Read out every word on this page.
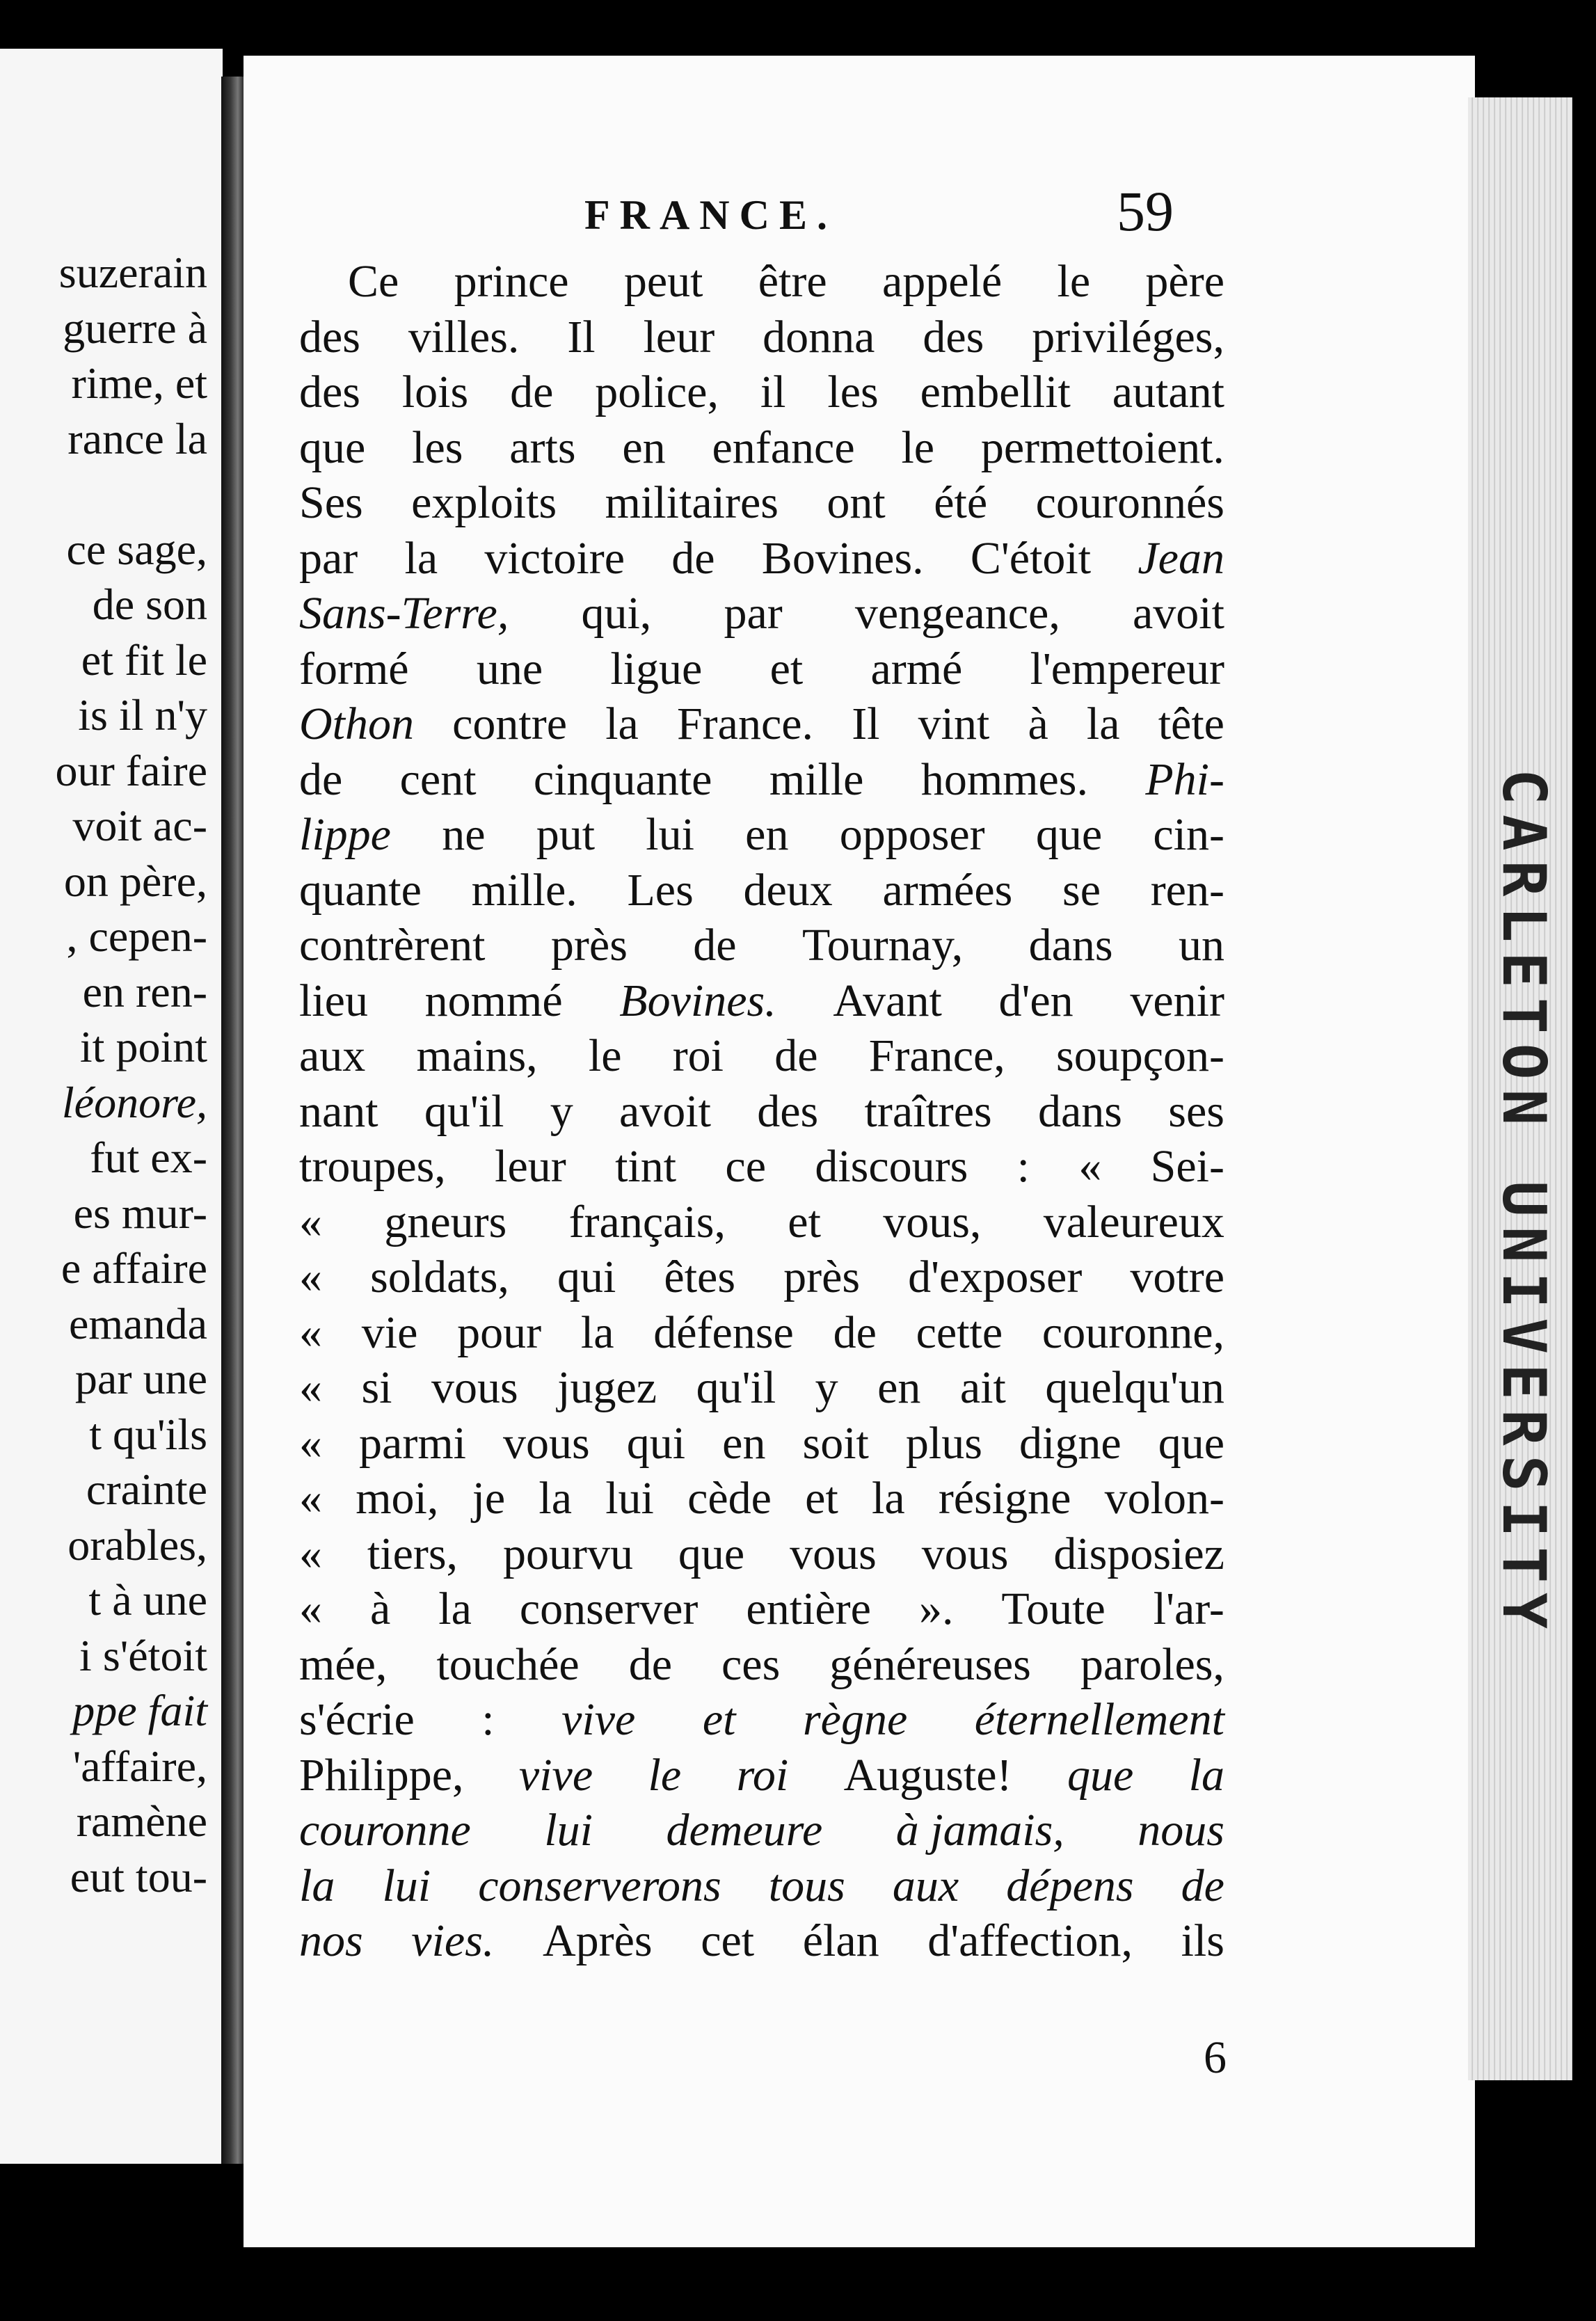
suzerain
guerre à
rime, et
rance la
ce sage,
de son
et fit le
is il n'y
our faire
voit ac-
on père,
, cepen-
en ren-
it point
léonore,
fut ex-
es mur-
e affaire
emanda
par une
t qu'ils
crainte
orables,
t à une
i s'étoit
ppe fait
'affaire,
ramène
eut tou-
FRANCE.	59
Ce prince peut être appelé le père
des villes. Il leur donna des priviléges,
des lois de police, il les embellit autant
que les arts en enfance le permettoient.
Ses exploits militaires ont été couronnés
par la victoire de Bovines. C'étoit Jean
Sans-Terre, qui, par vengeance, avoit
formé une ligue et armé l'empereur
Othon contre la France. Il vint à la tête
de cent cinquante mille hommes. Phi-
lippe ne put lui en opposer que cin-
quante mille. Les deux armées se ren-
contrèrent près de Tournay, dans un
lieu nommé Bovines. Avant d'en venir
aux mains, le roi de France, soupçon-
nant qu'il y avoit des traîtres dans ses
troupes, leur tint ce discours : « Sei-
« gneurs français, et vous, valeureux
« soldats, qui êtes près d'exposer votre
« vie pour la défense de cette couronne,
« si vous jugez qu'il y en ait quelqu'un
« parmi vous qui en soit plus digne que
« moi, je la lui cède et la résigne volon-
« tiers, pourvu que vous vous disposiez
« à la conserver entière ». Toute l'ar-
mée, touchée de ces généreuses paroles,
s'écrie : vive et règne éternellement
Philippe, vive le roi Auguste! que la
couronne lui demeure à jamais, nous
la lui conserverons tous aux dépens de
nos vies. Après cet élan d'affection, ils
6
CARLETON UNIVERSITY
